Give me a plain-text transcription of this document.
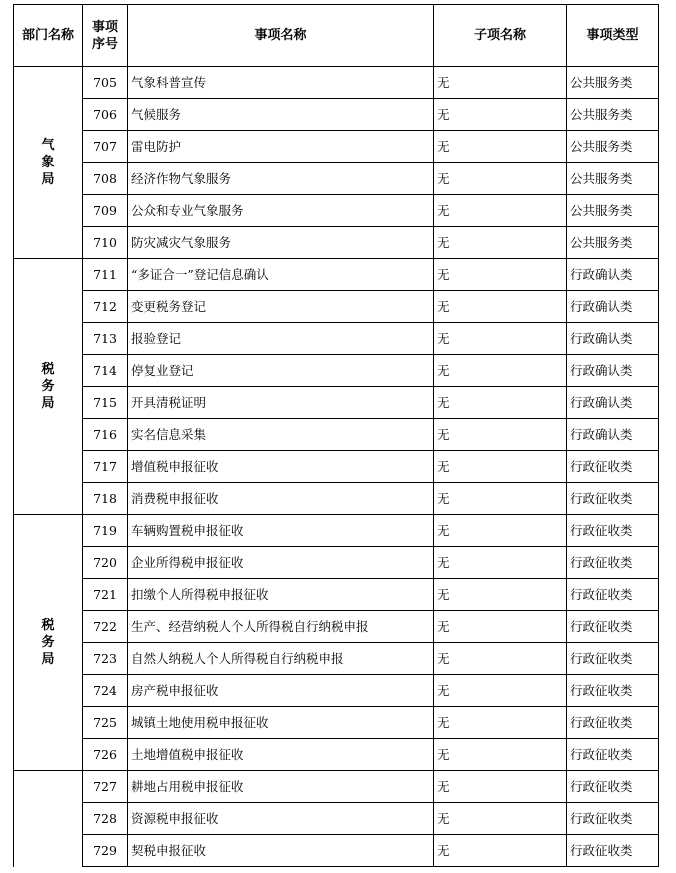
部门名称	事项序号	事项名称	子项名称	事项类型
气象局	705	气象科普宣传	无	公共服务类
	706	气候服务	无	公共服务类
	707	雷电防护	无	公共服务类
	708	经济作物气象服务	无	公共服务类
	709	公众和专业气象服务	无	公共服务类
	710	防灾减灾气象服务	无	公共服务类
税务局	711	“多证合一”登记信息确认	无	行政确认类
	712	变更税务登记	无	行政确认类
	713	报验登记	无	行政确认类
	714	停复业登记	无	行政确认类
	715	开具清税证明	无	行政确认类
	716	实名信息采集	无	行政确认类
	717	增值税申报征收	无	行政征收类
	718	消费税申报征收	无	行政征收类
税务局	719	车辆购置税申报征收	无	行政征收类
	720	企业所得税申报征收	无	行政征收类
	721	扣缴个人所得税申报征收	无	行政征收类
	722	生产、经营纳税人个人所得税自行纳税申报	无	行政征收类
	723	自然人纳税人个人所得税自行纳税申报	无	行政征收类
	724	房产税申报征收	无	行政征收类
	725	城镇土地使用税申报征收	无	行政征收类
	726	土地增值税申报征收	无	行政征收类
	727	耕地占用税申报征收	无	行政征收类
	728	资源税申报征收	无	行政征收类
	729	契税申报征收	无	行政征收类
